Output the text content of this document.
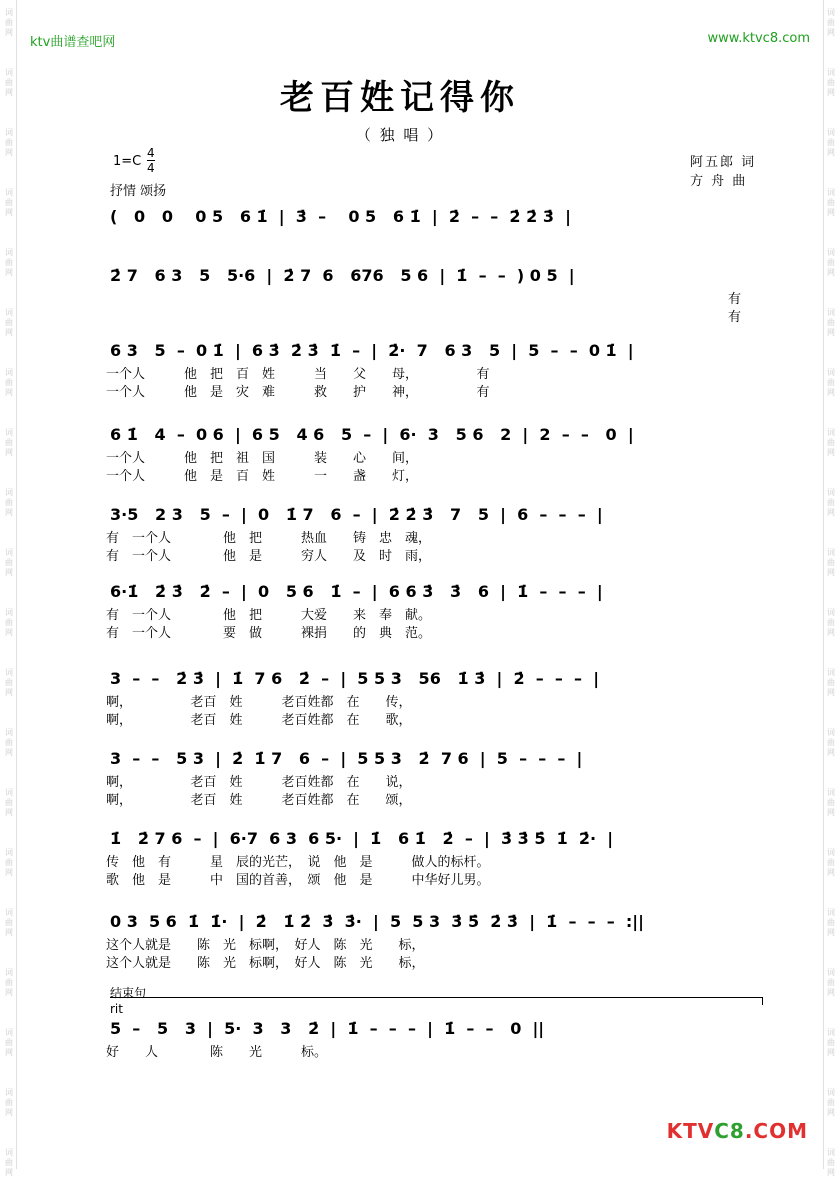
词曲网
词曲网
词曲网
词曲网
词曲网
词曲网
词曲网
词曲网
词曲网
词曲网
词曲网
词曲网
词曲网
词曲网
词曲网
词曲网
词曲网
词曲网
词曲网
词曲网
词曲网
词曲网
词曲网
词曲网
词曲网
词曲网
词曲网
词曲网
词曲网
词曲网
词曲网
词曲网
词曲网
词曲网
词曲网
词曲网
词曲网
词曲网
词曲网
词曲网
ktv曲谱查吧网	www.ktvc8.com
老百姓记得你
（ 独 唱 ）
1=C
4
4
抒情 颂扬
阿五郎 词
方 舟 曲
(   0   0    0 5   6 1̇  |  3̇  –    0 5   6 1̇  |  2̇  –  –  2̇ 2̇ 3̇  |
2̇ 7   6 3   5   5·6  |  2̇ 7  6   676   5 6  |  1̇  –  –  ) 0 5  |
有
有
6 3   5  –  0 1̇  |  6 3̇  2̇ 3̇  1̇  –  |  2̇·  7   6 3   5  |  5  –  –  0 1̇  |
一个人　　　他　把　百　姓　　　当　　父　　母，　　　　　有
一个人　　　他　是　灾　难　　　救　　护　　神，　　　　　有
6 1̇   4  –  0 6  |  6 5   4 6   5  –  |  6·  3   5 6   2  |  2  –  –   0  |
一个人　　　他　把　祖　国　　　装　　心　　间，
一个人　　　他　是　百　姓　　　一　　盏　　灯，
3·5   2 3   5  –  |  0   1̇ 7   6  –  |  2̇ 2̇ 3̇   7   5  |  6  –  –  –  |
有　一个人　　　　他　把　　　热血　　铸　忠　魂，
有　一个人　　　　他　是　　　穷人　　及　时　雨，
6·1̇   2̇ 3̇   2̇  –  |  0   5 6   1̇  –  |  6 6 3̇   3̇   6  |  1̇  –  –  –  |
有　一个人　　　　他　把　　　大爱　　来　奉　献。
有　一个人　　　　要　做　　　裸捐　　的　典　范。
3  –  –   2̇ 3̇  |  1̇  7 6   2̇  –  |  5 5 3   56   1̇ 3̇  |  2̇  –  –  –  |
啊，　　　　　老百　姓　　　老百姓都　在　　传，
啊，　　　　　老百　姓　　　老百姓都　在　　歌，
3  –  –   5 3  |  2̇  1̇ 7   6  –  |  5 5 3   2̇  7 6  |  5  –  –  –  |
啊，　　　　　老百　姓　　　老百姓都　在　　说，
啊，　　　　　老百　姓　　　老百姓都　在　　颂，
1̇   2̇ 7 6  –  |  6·7  6 3  6 5·  |  1̇   6 1̇   2̇  –  |  3̇ 3̇ 5̇  1̇  2̇·  |
传　他　有　　　星　辰的光芒，　说　他　是　　　做人的标杆。
歌　他　是　　　中　国的首善，　颂　他　是　　　中华好儿男。
0 3  5 6  1̇  1̇·  |  2̇   1̇ 2̇  3̇  3̇·  |  5  5 3  3̇ 5̇  2̇ 3̇  |  1̇  –  –  –  :||
这个人就是　　陈　光　标啊，　好人　陈　光　　标，
这个人就是　　陈　光　标啊，　好人　陈　光　　标，
5  –   5   3  |  5·  3   3   2̇  |  1̇  –  –  –  |  1̇  –  –   0  ||
好　　人　　　　陈　　光　　　标。
结束句
rit
KTVC8.COM
